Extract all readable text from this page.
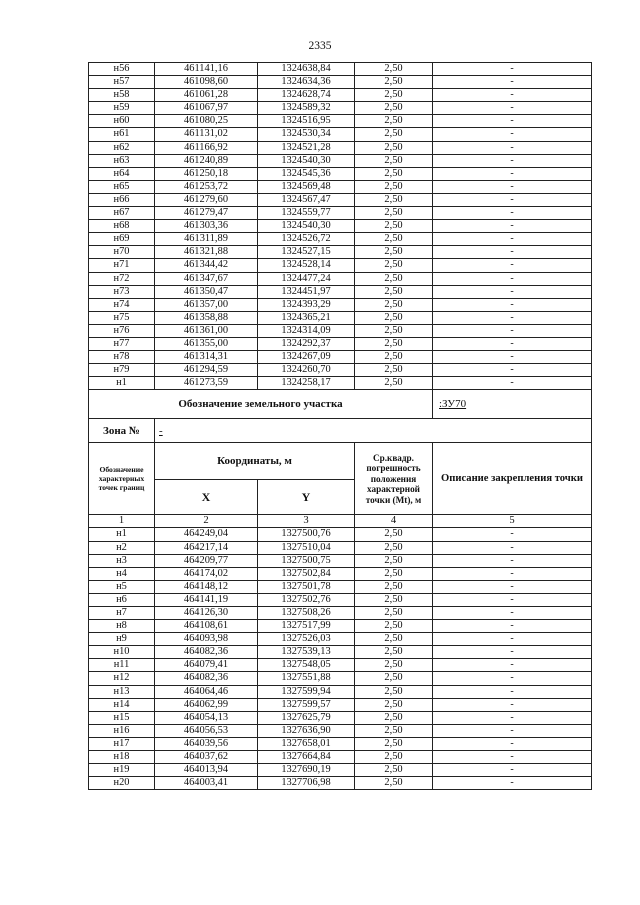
2335
н56	461141,16	1324638,84	2,50	-
н57	461098,60	1324634,36	2,50	-
н58	461061,28	1324628,74	2,50	-
н59	461067,97	1324589,32	2,50	-
н60	461080,25	1324516,95	2,50	-
н61	461131,02	1324530,34	2,50	-
н62	461166,92	1324521,28	2,50	-
н63	461240,89	1324540,30	2,50	-
н64	461250,18	1324545,36	2,50	-
н65	461253,72	1324569,48	2,50	-
н66	461279,60	1324567,47	2,50	-
н67	461279,47	1324559,77	2,50	-
н68	461303,36	1324540,30	2,50	-
н69	461311,89	1324526,72	2,50	-
н70	461321,88	1324527,15	2,50	-
н71	461344,42	1324528,14	2,50	-
н72	461347,67	1324477,24	2,50	-
н73	461350,47	1324451,97	2,50	-
н74	461357,00	1324393,29	2,50	-
н75	461358,88	1324365,21	2,50	-
н76	461361,00	1324314,09	2,50	-
н77	461355,00	1324292,37	2,50	-
н78	461314,31	1324267,09	2,50	-
н79	461294,59	1324260,70	2,50	-
н1	461273,59	1324258,17	2,50	-
Обозначение земельного участка				:ЗУ70
Зона №	-			
Обозначение характерных точек границ	Координаты, м		Ср.квадр. погрешность положения характерной точки (Мt), м	Описание закрепления точки
	X	Y		
1	2	3	4	5
н1	464249,04	1327500,76	2,50	-
н2	464217,14	1327510,04	2,50	-
н3	464209,77	1327500,75	2,50	-
н4	464174,02	1327502,84	2,50	-
н5	464148,12	1327501,78	2,50	-
н6	464141,19	1327502,76	2,50	-
н7	464126,30	1327508,26	2,50	-
н8	464108,61	1327517,99	2,50	-
н9	464093,98	1327526,03	2,50	-
н10	464082,36	1327539,13	2,50	-
н11	464079,41	1327548,05	2,50	-
н12	464082,36	1327551,88	2,50	-
н13	464064,46	1327599,94	2,50	-
н14	464062,99	1327599,57	2,50	-
н15	464054,13	1327625,79	2,50	-
н16	464056,53	1327636,90	2,50	-
н17	464039,56	1327658,01	2,50	-
н18	464037,62	1327664,84	2,50	-
н19	464013,94	1327690,19	2,50	-
н20	464003,41	1327706,98	2,50	-
